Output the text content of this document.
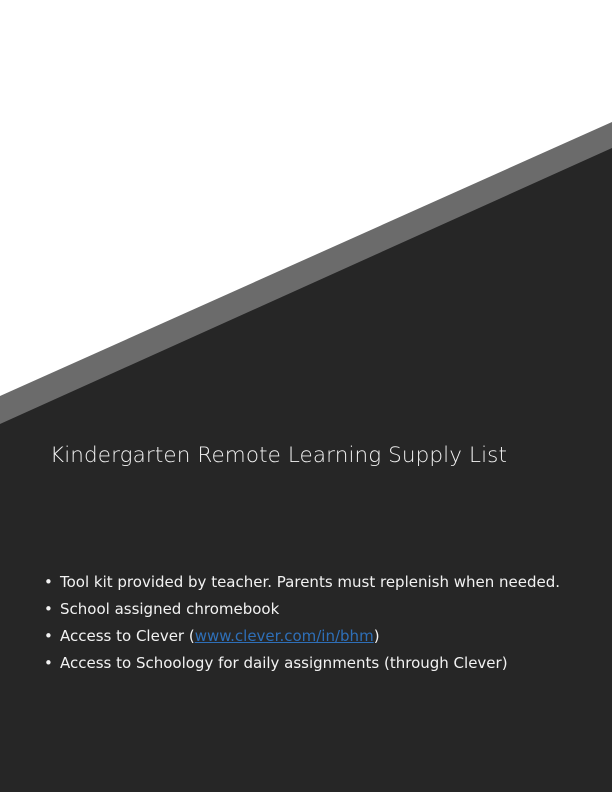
Kindergarten Remote Learning Supply List
• Tool kit provided by teacher. Parents must replenish when needed.
• School assigned chromebook
• Access to Clever (www.clever.com/in/bhm)
• Access to Schoology for daily assignments (through Clever)
